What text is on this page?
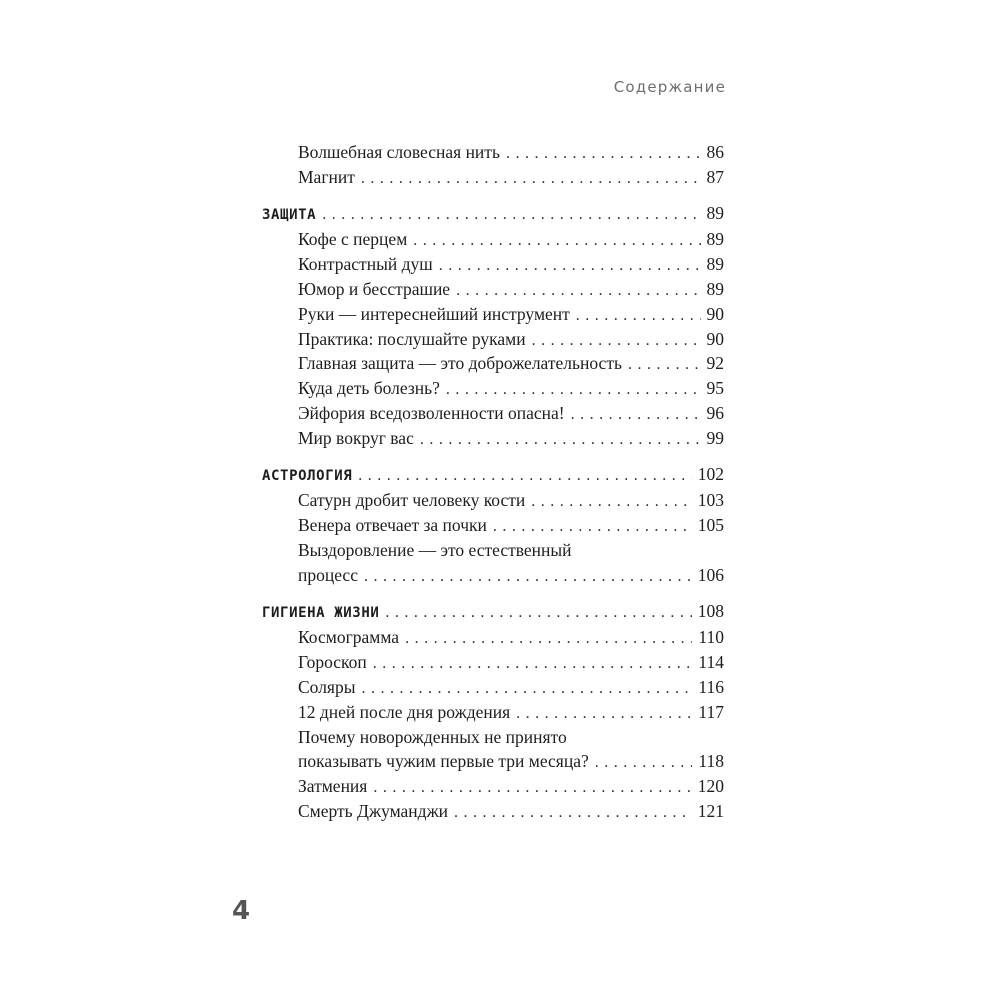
Содержание
Волшебная словесная нить . . .	86
Магнит . . .	87
ЗАЩИТА . . .	89
Кофе с перцем . . .	89
Контрастный душ . . .	89
Юмор и бесстрашие . . .	89
Руки — интереснейший инструмент . . .	90
Практика: послушайте руками . . .	90
Главная защита — это доброжелательность . . .	92
Куда деть болезнь? . . .	95
Эйфория вседозволенности опасна! . . .	96
Мир вокруг вас . . .	99
АСТРОЛОГИЯ . . .	102
Сатурн дробит человеку кости . . .	103
Венера отвечает за почки . . .	105
Выздоровление — это естественный
процесс . . .	106
ГИГИЕНА ЖИЗНИ . . .	108
Космограмма . . .	110
Гороскоп . . .	114
Соляры . . .	116
12 дней после дня рождения . . .	117
Почему новорожденных не принято
показывать чужим первые три месяца? . . .	118
Затмения . . .	120
Смерть Джуманджи . . .	121
4
